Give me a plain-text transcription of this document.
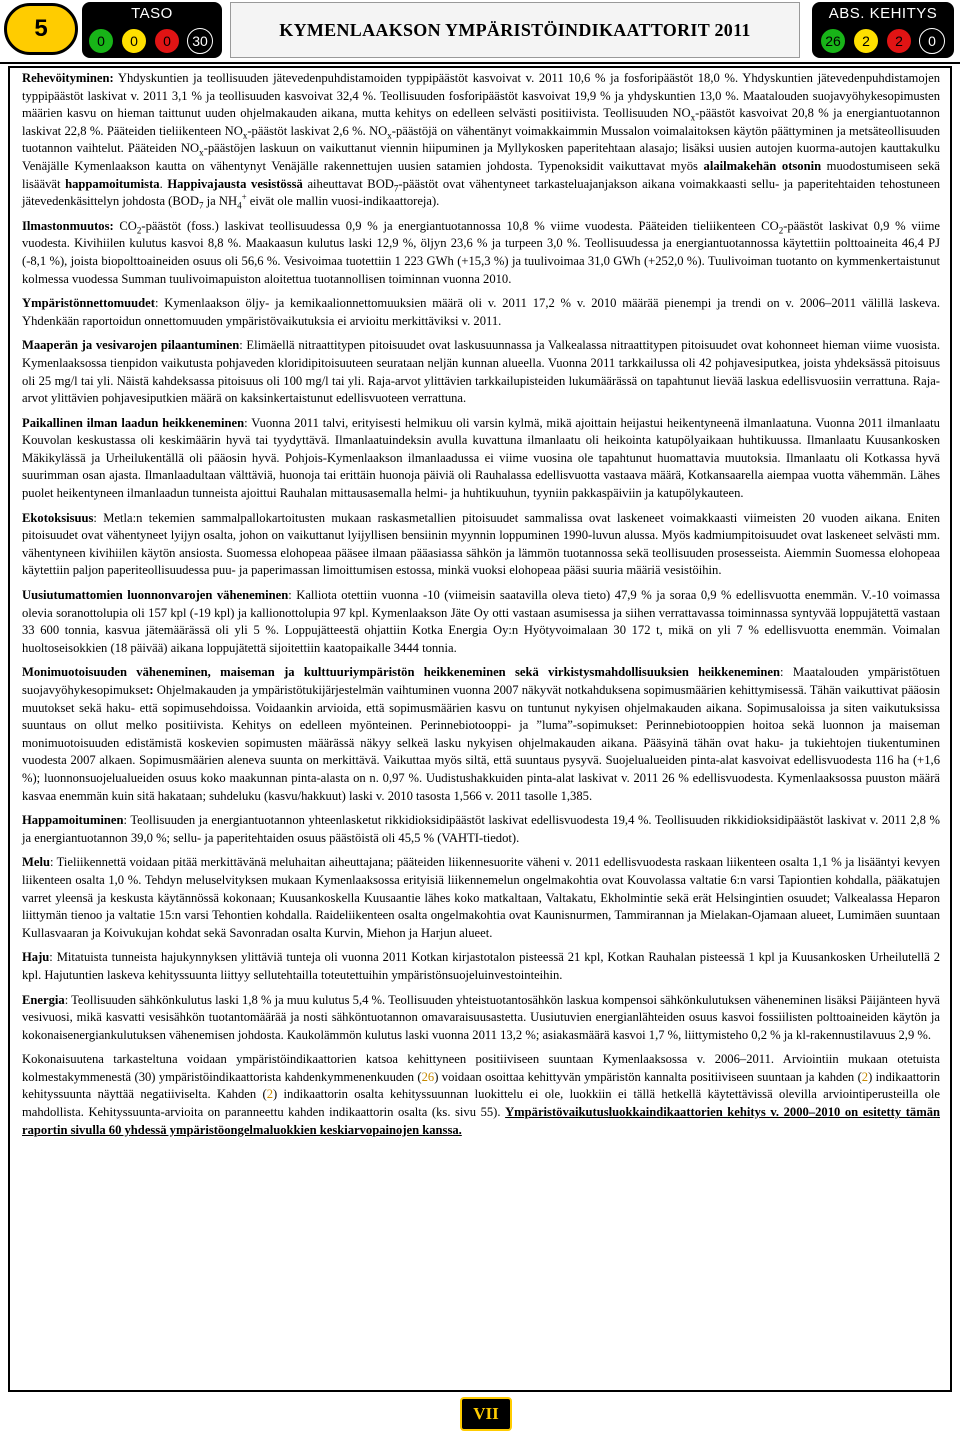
5
TASO
0	0	0	30
KYMENLAAKSON YMPÄRISTÖINDIKAATTORIT 2011
ABS. KEHITYS
26	2	2	0

Rehevöityminen: Yhdyskuntien ja teollisuuden jätevedenpuhdistamoiden typpipäästöt kasvoivat v. 2011 10,6 % ja fosforipäästöt 18,0 %. Yhdyskuntien jätevedenpuhdistamojen typpipäästöt laskivat v. 2011 3,1 % ja teollisuuden kasvoivat 32,4 %. Teollisuuden fosforipäästöt kasvoivat 19,9 % ja yhdyskuntien 13,0 %. Maatalouden suojavyöhykesopimusten määrien kasvu on hieman taittunut uuden ohjelmakauden aikana, mutta kehitys on edelleen selvästi positiivista. Teollisuuden $NO_x$-päästöt kasvoivat 20,8 % ja energiantuotannon laskivat 22,8 %. Pääteiden tieliikenteen $NO_x$-päästöt laskivat 2,6 %. $NO_x$-päästöjä on vähentänyt voimakkaimmin Mussalon voimalaitoksen käytön päättyminen ja metsäteollisuuden tuotannon vaihtelut. Pääteiden $NO_x$-päästöjen laskuun on vaikuttanut viennin hiipuminen ja Myllykosken paperitehtaan alasajo; lisäksi uusien autojen kuorma-autojen kauttakulku Venäjälle Kymenlaakson kautta on vähentynyt Venäjälle rakennettujen uusien satamien johdosta. Typenoksidit vaikuttavat myös alailmakehän otsonin muodostumiseen sekä lisäävät happamoitumista. Happivajausta vesistössä aiheuttavat $BOD_7$-päästöt ovat vähentyneet tarkasteluajanjakson aikana voimakkaasti sellu- ja paperitehtaiden tehostuneen jätevedenkäsittelyn johdosta ($BOD_7$ ja $NH_4^+$ eivät ole mallin vuosi-indikaattoreja).

Ilmastonmuutos: $CO_2$-päästöt (foss.) laskivat teollisuudessa 0,9 % ja energiantuotannossa 10,8 % viime vuodesta. Pääteiden tieliikenteen $CO_2$-päästöt laskivat 0,9 % viime vuodesta. Kivihiilen kulutus kasvoi 8,8 %. Maakaasun kulutus laski 12,9 %, öljyn 23,6 % ja turpeen 3,0 %. Teollisuudessa ja energiantuotannossa käytettiin polttoaineita 46,4 PJ (-8,1 %), joista biopolttoaineiden osuus oli 56,6 %. Vesivoimaa tuotettiin 1 223 GWh (+15,3 %) ja tuulivoimaa 31,0 GWh (+252,0 %). Tuulivoiman tuotanto on kymmenkertaistunut kolmessa vuodessa Summan tuulivoimapuiston aloitettua tuotannollisen toiminnan vuonna 2010.

Ympäristönnettomuudet: Kymenlaakson öljy- ja kemikaalionnettomuuksien määrä oli v. 2011 17,2 % v. 2010 määrää pienempi ja trendi on v. 2006–2011 välillä laskeva. Yhdenkään raportoidun onnettomuuden ympäristövaikutuksia ei arvioitu merkittäviksi v. 2011.

Maaperän ja vesivarojen pilaantuminen: Elimäellä nitraattitypen pitoisuudet ovat laskusuunnassa ja Valkealassa nitraattitypen pitoisuudet ovat kohonneet hieman viime vuosista. Kymenlaaksossa tienpidon vaikutusta pohjaveden kloridipitoisuuteen seurataan neljän kunnan alueella. Vuonna 2011 tarkkailussa oli 42 pohjavesiputkea, joista yhdeksässä pitoisuus oli 25 mg/l tai yli. Näistä kahdeksassa pitoisuus oli 100 mg/l tai yli. Raja-arvot ylittävien tarkkailupisteiden lukumäärässä on tapahtunut lievää laskua edellisvuosiin verrattuna. Raja-arvot ylittävien pohjavesiputkien määrä on kaksinkertaistunut edellisvuoteen verrattuna.

Paikallinen ilman laadun heikkeneminen: Vuonna 2011 talvi, erityisesti helmikuu oli varsin kylmä, mikä ajoittain heijastui heikentyneenä ilmanlaatuna. Vuonna 2011 ilmanlaatu Kouvolan keskustassa oli keskimäärin hyvä tai tyydyttävä. Ilmanlaatuindeksin avulla kuvattuna ilmanlaatu oli heikointa katupölyaikaan huhtikuussa. Ilmanlaatu Kuusankosken Mäkikylässä ja Urheilukentällä oli pääosin hyvä. Pohjois-Kymenlaakson ilmanlaadussa ei viime vuosina ole tapahtunut huomattavia muutoksia. Ilmanlaatu oli Kotkassa hyvä suurimman osan ajasta. Ilmanlaadultaan välttäviä, huonoja tai erittäin huonoja päiviä oli Rauhalassa edellisvuotta vastaava määrä, Kotkansaarella aiempaa vuotta vähemmän. Lähes puolet heikentyneen ilmanlaadun tunneista ajoittui Rauhalan mittausasemalla helmi- ja huhtikuuhun, tyyniin pakkaspäiviin ja katupölykauteen.

Ekotoksisuus: Metla:n tekemien sammalpallokartoitusten mukaan raskasmetallien pitoisuudet sammalissa ovat laskeneet voimakkaasti viimeisten 20 vuoden aikana. Eniten pitoisuudet ovat vähentyneet lyijyn osalta, johon on vaikuttanut lyijyllisen bensiinin myynnin loppuminen 1990-luvun alussa. Myös kadmiumpitoisuudet ovat laskeneet selvästi mm. vähentyneen kivihiilen käytön ansiosta. Suomessa elohopeaa pääsee ilmaan pääasiassa sähkön ja lämmön tuotannossa sekä teollisuuden prosesseista. Aiemmin Suomessa elohopeaa käytettiin paljon paperiteollisuudessa puu- ja paperimassan limoittumisen estossa, minkä vuoksi elohopeaa pääsi suuria määriä vesistöihin.

Uusiutumattomien luonnonvarojen väheneminen: Kalliota otettiin vuonna -10 (viimeisin saatavilla oleva tieto) 47,9 % ja soraa 0,9 % edellisvuotta enemmän. V.-10 voimassa olevia soranottolupia oli 157 kpl (-19 kpl) ja kallionottolupia 97 kpl. Kymenlaakson Jäte Oy otti vastaan asumisessa ja siihen verrattavassa toiminnassa syntyvää loppujätettä vastaan 33 600 tonnia, kasvua jätemäärässä oli yli 5 %. Loppujätteestä ohjattiin Kotka Energia Oy:n Hyötyvoimalaan 30 172 t, mikä on yli 7 % edellisvuotta enemmän. Voimalan huoltoseisokkien (18 päivää) aikana loppujätettä sijoitettiin kaatopaikalle 3444 tonnia.

Monimuotoisuuden väheneminen, maiseman ja kulttuuriympäristön heikkeneminen sekä virkistysmahdollisuuksien heikkeneminen: Maatalouden ympäristötuen suojavyöhykesopimukset: Ohjelmakauden ja ympäristötukijärjestelmän vaihtuminen vuonna 2007 näkyvät notkahduksena sopimusmäärien kehittymisessä. Tähän vaikuttivat pääosin muutokset sekä haku- että sopimusehdoissa. Voidaankin arvioida, että sopimusmäärien kasvu on tuntunut nykyisen ohjelmakauden aikana. Sopimusaloissa ja siten vaikutuksissa suuntaus on ollut melko positiivista. Kehitys on edelleen myönteinen. Perinnebiotooppi- ja ”luma”-sopimukset: Perinnebiotooppien hoitoa sekä luonnon ja maiseman monimuotoisuuden edistämistä koskevien sopimusten määrässä näkyy selkeä lasku nykyisen ohjelmakauden aikana. Pääsyinä tähän ovat haku- ja tukiehtojen tiukentuminen vuodesta 2007 alkaen. Sopimusmäärien aleneva suunta on merkittävä. Vaikuttaa myös siltä, että suuntaus pysyvä. Suojelualueiden pinta-alat kasvoivat edellisvuodesta 116 ha (+1,6 %); luonnonsuojelualueiden osuus koko maakunnan pinta-alasta on n. 0,97 %. Uudistushakkuiden pinta-alat laskivat v. 2011 26 % edellisvuodesta. Kymenlaaksossa puuston määrä kasvaa enemmän kuin sitä hakataan; suhdeluku (kasvu/hakkuut) laski v. 2010 tasosta 1,566 v. 2011 tasolle 1,385.

Happamoituminen: Teollisuuden ja energiantuotannon yhteenlasketut rikkidioksidipäästöt laskivat edellisvuodesta 19,4 %. Teollisuuden rikkidioksidipäästöt laskivat v. 2011 2,8 % ja energiantuotannon 39,0 %; sellu- ja paperitehtaiden osuus päästöistä oli 45,5 % (VAHTI-tiedot).

Melu: Tieliikennettä voidaan pitää merkittävänä meluhaitan aiheuttajana; pääteiden liikennesuorite väheni v. 2011 edellisvuodesta raskaan liikenteen osalta 1,1 % ja lisääntyi kevyen liikenteen osalta 1,0 %. Tehdyn meluselvityksen mukaan Kymenlaaksossa erityisiä liikennemelun ongelmakohtia ovat Kouvolassa valtatie 6:n varsi Tapiontien kohdalla, pääkatujen varret yleensä ja keskusta käytännössä kokonaan; Kuusankoskella Kuusaantie lähes koko matkaltaan, Valtakatu, Ekholmintie sekä erät Helsingintien osuudet; Valkealassa Heparon liittymän tienoo ja valtatie 15:n varsi Tehontien kohdalla. Raideliikenteen osalta ongelmakohtia ovat Kaunisnurmen, Tammirannan ja Mielakan-Ojamaan alueet, Lumimäen suuntaan Kullasvaaran ja Koivukujan kohdat sekä Savonradan osalta Kurvin, Miehon ja Harjun alueet.

Haju: Mitatuista tunneista hajukynnyksen ylittäviä tunteja oli vuonna 2011 Kotkan kirjastotalon pisteessä 21 kpl, Kotkan Rauhalan pisteessä 1 kpl ja Kuusankosken Urheilutellä 2 kpl. Hajutuntien laskeva kehityssuunta liittyy sellutehtailla toteutettuihin ympäristönsuojeluinvestointeihin.

Energia: Teollisuuden sähkönkulutus laski 1,8 % ja muu kulutus 5,4 %. Teollisuuden yhteistuotantosähkön laskua kompensoi sähkönkulutuksen väheneminen lisäksi Päijänteen hyvä vesivuosi, mikä kasvatti vesisähkön tuotantomäärää ja nosti sähköntuotannon omavaraisuusastetta. Uusiutuvien energianlähteiden osuus kasvoi fossiilisten polttoaineiden käytön ja kokonaisenergiankulutuksen vähenemisen johdosta. Kaukolämmön kulutus laski vuonna 2011 13,2 %; asiakasmäärä kasvoi 1,7 %, liittymisteho 0,2 % ja kl-rakennustilavuus 2,9 %.

Kokonaisuutena tarkasteltuna voidaan ympäristöindikaattorien katsoa kehittyneen positiiviseen suuntaan Kymenlaaksossa v. 2006–2011. Arviointiin mukaan otetuista kolmestakymmenestä (30) ympäristöindikaattorista kahdenkymmenenkuuden (26) voidaan osoittaa kehittyvän ympäristön kannalta positiiviseen suuntaan ja kahden (2) indikaattorin kehityssuunta näyttää negatiiviselta. Kahden (2) indikaattorin osalta kehityssuunnan luokittelu ei ole, luokkiin ei tällä hetkellä käytettävissä olevilla arviointiperusteilla ole mahdollista. Kehityssuunta-arvioita on paranneettu kahden indikaattorin osalta (ks. sivu 55). Ympäristövaikutusluokkaindikaattorien kehitys v. 2000–2010 on esitetty tämän raportin sivulla 60 yhdessä ympäristöongelmaluokkien keskiarvopainojen kanssa.

VII
